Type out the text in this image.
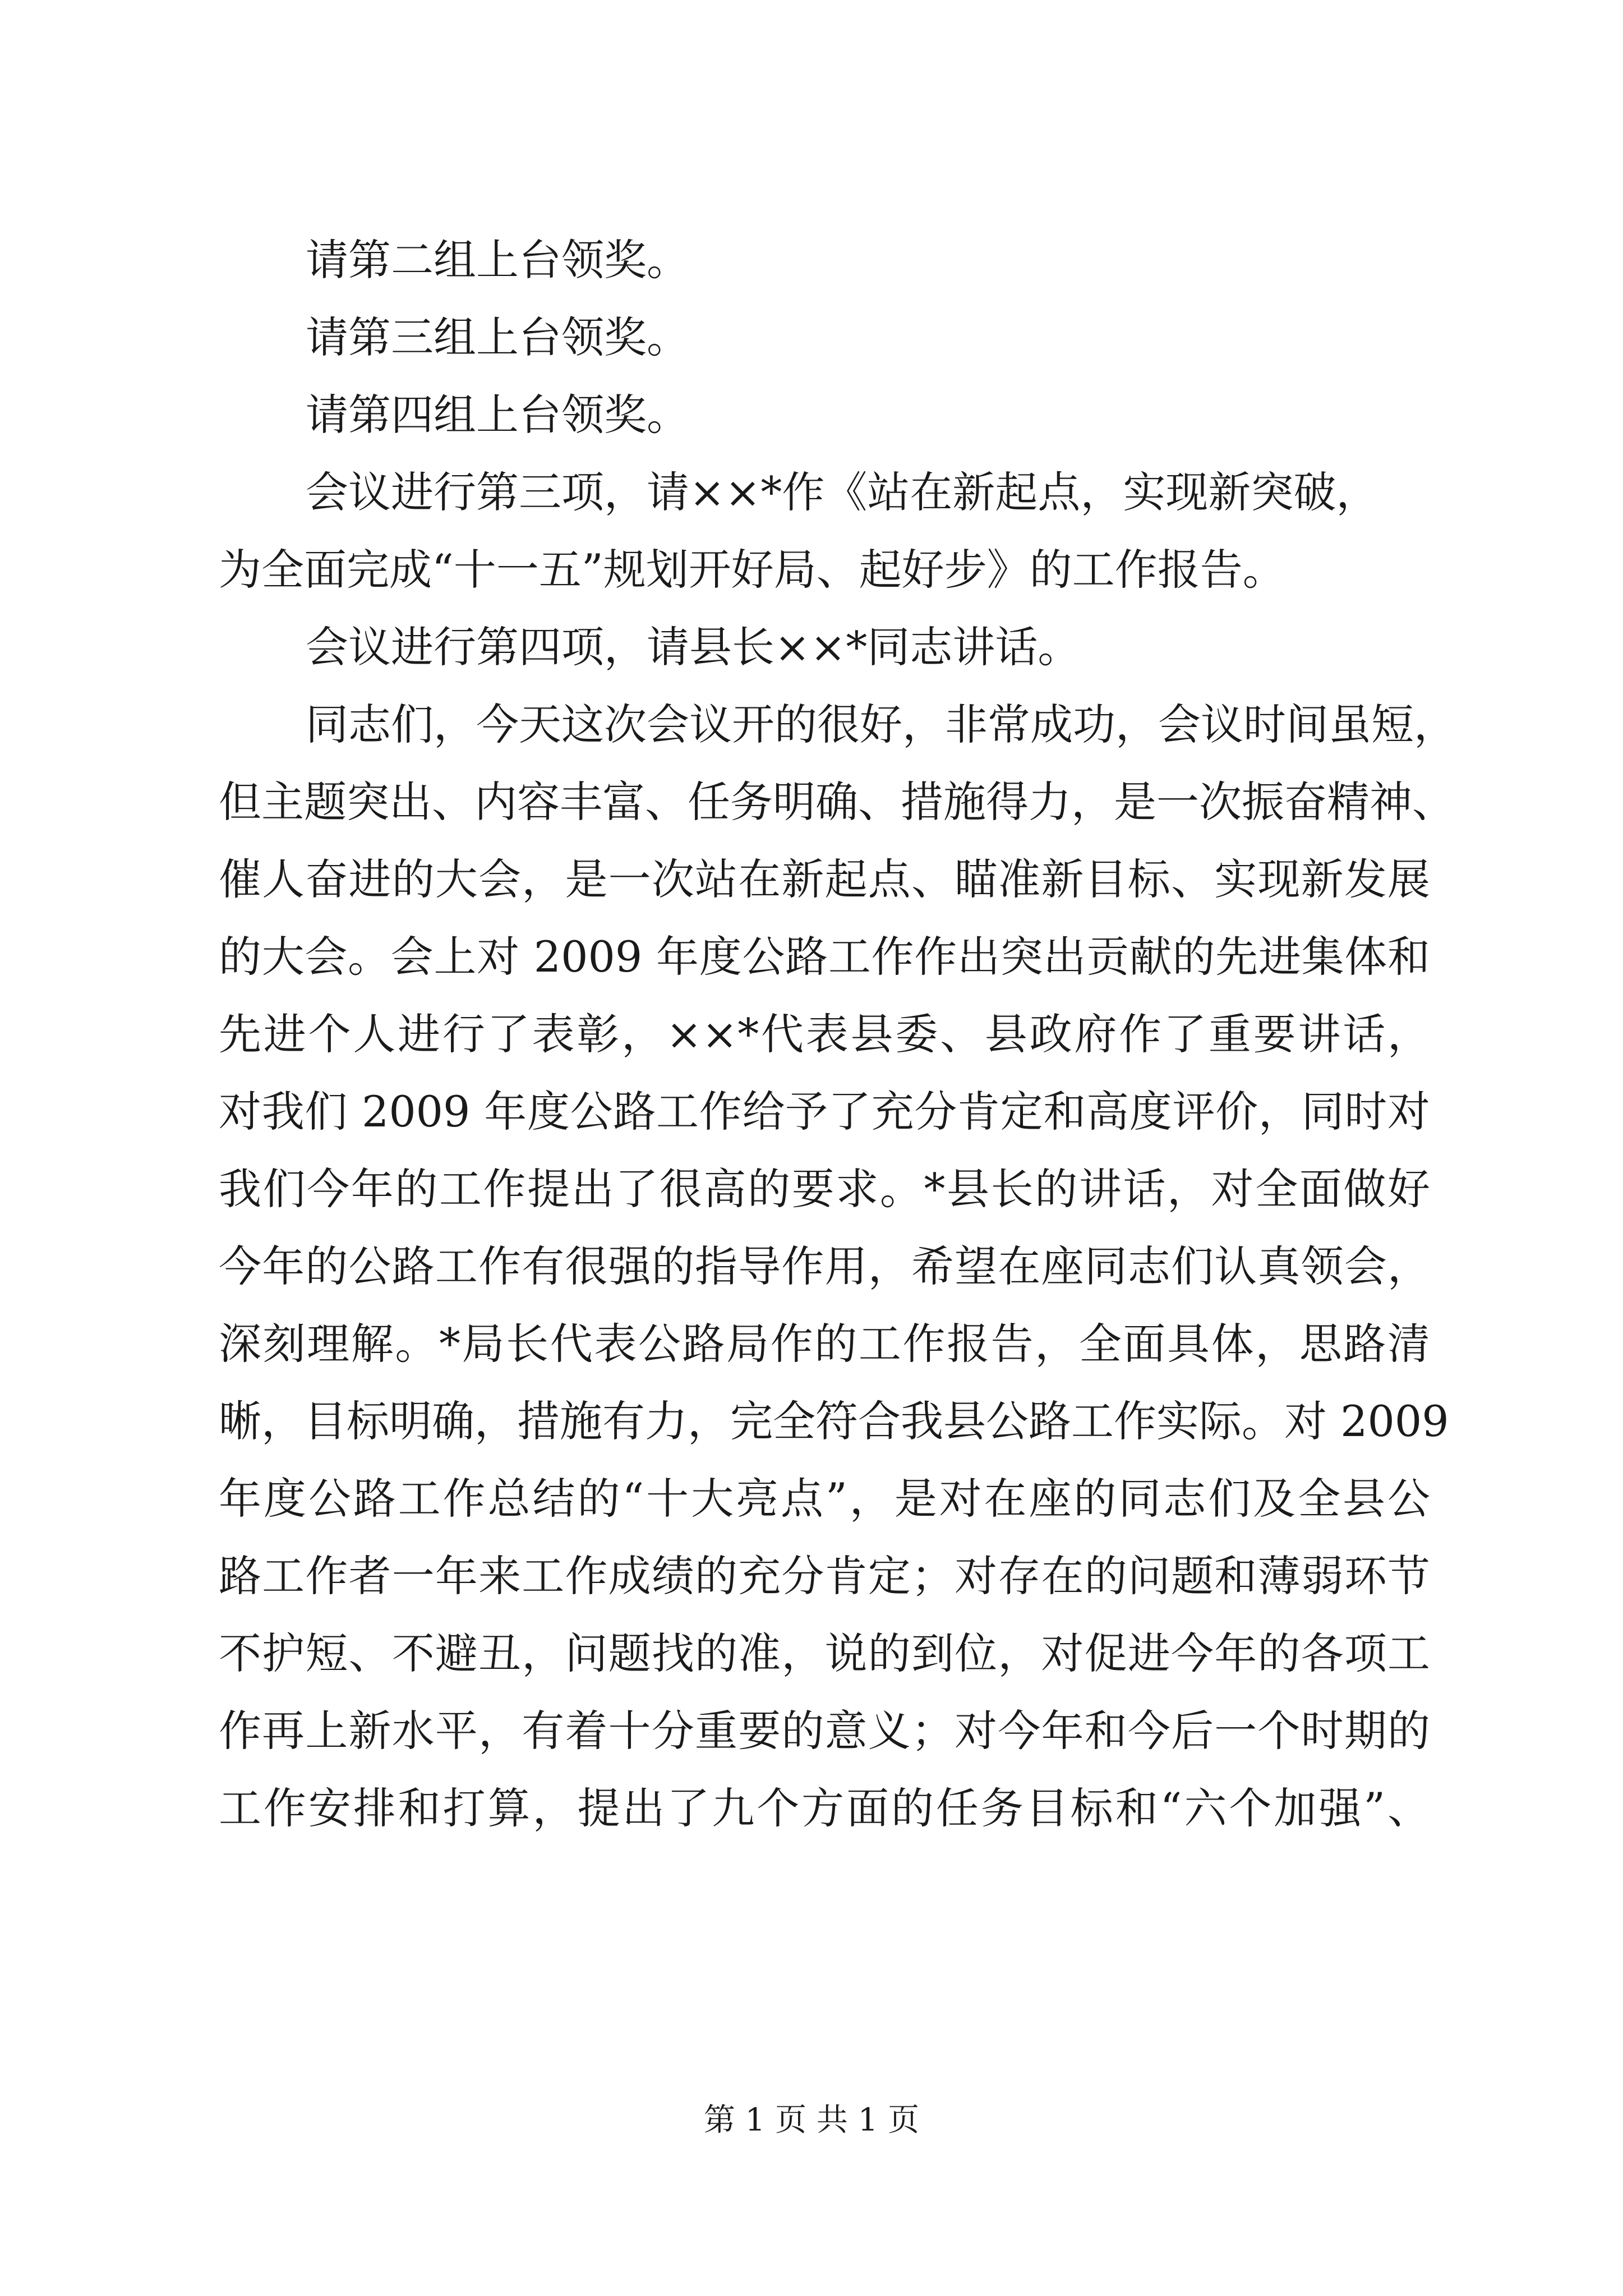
请第二组上台领奖。
请第三组上台领奖。
请第四组上台领奖。
会议进行第三项，请××*作《站在新起点，实现新突破，
为全面完成“十一五”规划开好局、起好步》的工作报告。
会议进行第四项，请县长××*同志讲话。
同志们，今天这次会议开的很好，非常成功，会议时间虽短，
但主题突出、内容丰富、任务明确、措施得力，是一次振奋精神、
催人奋进的大会，是一次站在新起点、瞄准新目标、实现新发展
的大会。会上对 2009 年度公路工作作出突出贡献的先进集体和
先进个人进行了表彰，××*代表县委、县政府作了重要讲话，
对我们 2009 年度公路工作给予了充分肯定和高度评价，同时对
我们今年的工作提出了很高的要求。*县长的讲话，对全面做好
今年的公路工作有很强的指导作用，希望在座同志们认真领会，
深刻理解。*局长代表公路局作的工作报告，全面具体，思路清
晰，目标明确，措施有力，完全符合我县公路工作实际。对 2009
年度公路工作总结的“十大亮点”，是对在座的同志们及全县公
路工作者一年来工作成绩的充分肯定；对存在的问题和薄弱环节
不护短、不避丑，问题找的准，说的到位，对促进今年的各项工
作再上新水平，有着十分重要的意义；对今年和今后一个时期的
工作安排和打算，提出了九个方面的任务目标和“六个加强”、
第 1 页 共 1 页
